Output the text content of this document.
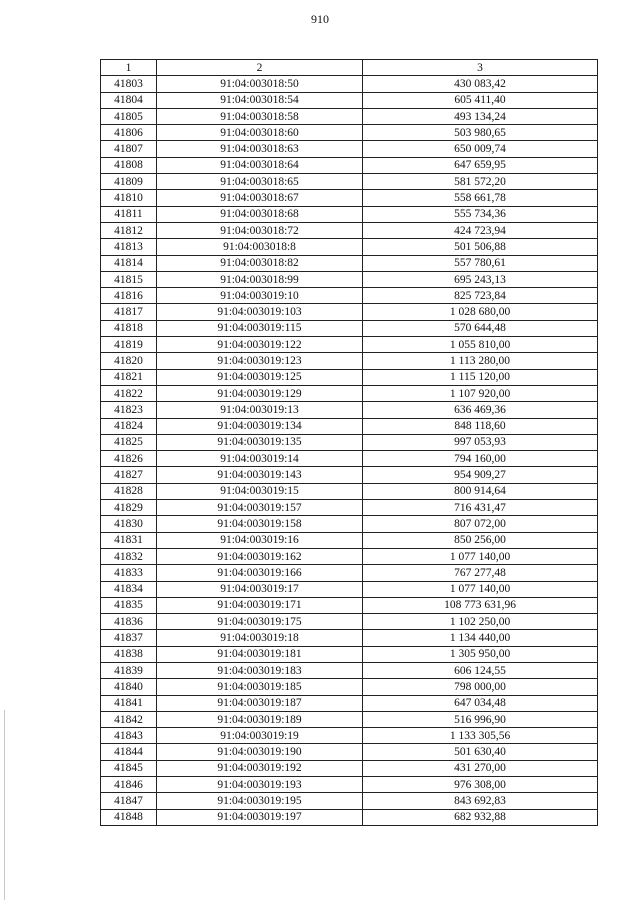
910
1	2	3
41803	91:04:003018:50	430 083,42
41804	91:04:003018:54	605 411,40
41805	91:04:003018:58	493 134,24
41806	91:04:003018:60	503 980,65
41807	91:04:003018:63	650 009,74
41808	91:04:003018:64	647 659,95
41809	91:04:003018:65	581 572,20
41810	91:04:003018:67	558 661,78
41811	91:04:003018:68	555 734,36
41812	91:04:003018:72	424 723,94
41813	91:04:003018:8	501 506,88
41814	91:04:003018:82	557 780,61
41815	91:04:003018:99	695 243,13
41816	91:04:003019:10	825 723,84
41817	91:04:003019:103	1 028 680,00
41818	91:04:003019:115	570 644,48
41819	91:04:003019:122	1 055 810,00
41820	91:04:003019:123	1 113 280,00
41821	91:04:003019:125	1 115 120,00
41822	91:04:003019:129	1 107 920,00
41823	91:04:003019:13	636 469,36
41824	91:04:003019:134	848 118,60
41825	91:04:003019:135	997 053,93
41826	91:04:003019:14	794 160,00
41827	91:04:003019:143	954 909,27
41828	91:04:003019:15	800 914,64
41829	91:04:003019:157	716 431,47
41830	91:04:003019:158	807 072,00
41831	91:04:003019:16	850 256,00
41832	91:04:003019:162	1 077 140,00
41833	91:04:003019:166	767 277,48
41834	91:04:003019:17	1 077 140,00
41835	91:04:003019:171	108 773 631,96
41836	91:04:003019:175	1 102 250,00
41837	91:04:003019:18	1 134 440,00
41838	91:04:003019:181	1 305 950,00
41839	91:04:003019:183	606 124,55
41840	91:04:003019:185	798 000,00
41841	91:04:003019:187	647 034,48
41842	91:04:003019:189	516 996,90
41843	91:04:003019:19	1 133 305,56
41844	91:04:003019:190	501 630,40
41845	91:04:003019:192	431 270,00
41846	91:04:003019:193	976 308,00
41847	91:04:003019:195	843 692,83
41848	91:04:003019:197	682 932,88
